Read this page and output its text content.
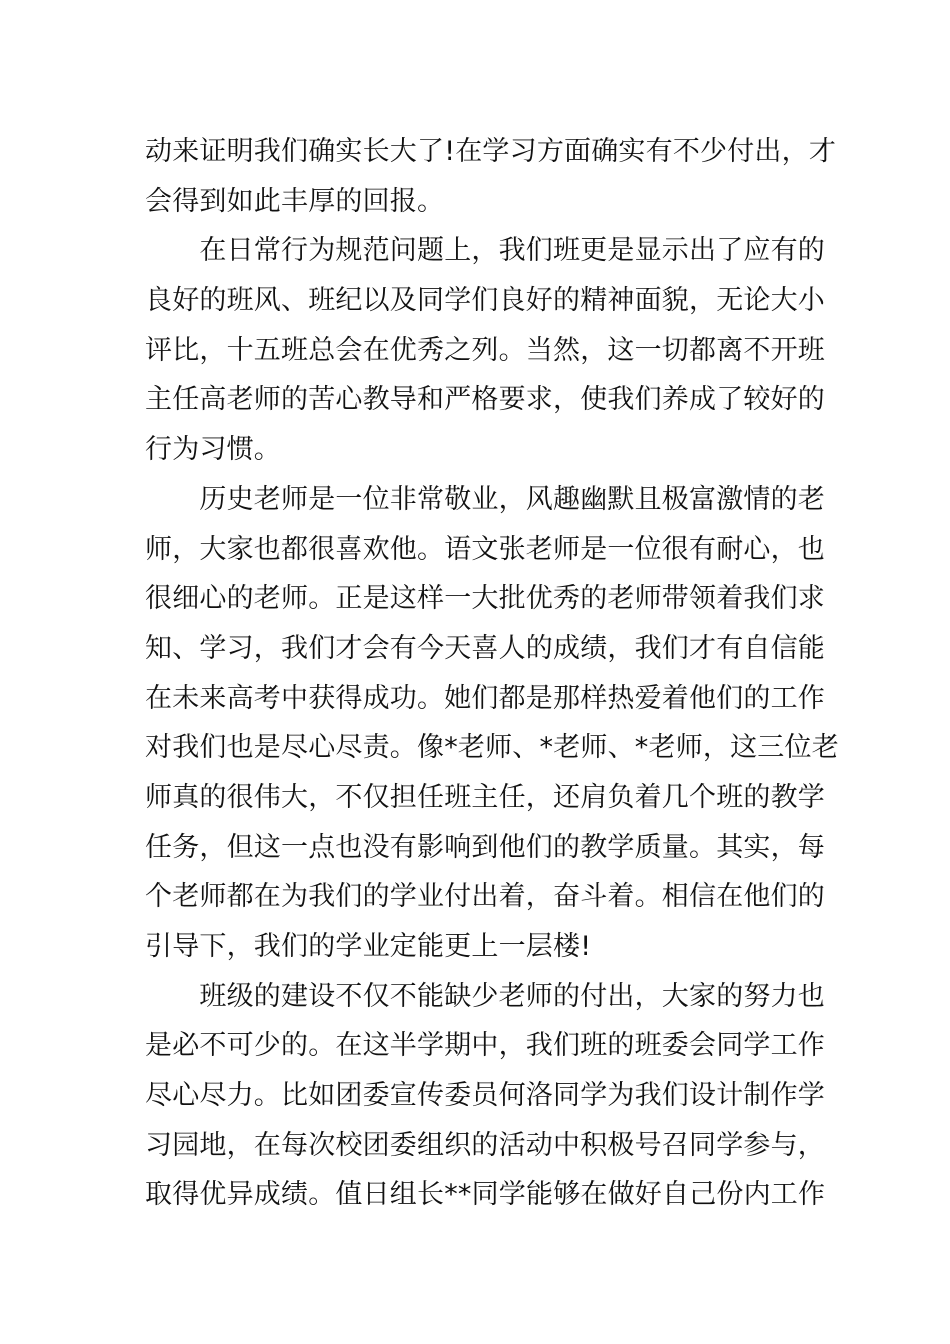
动来证明我们确实长大了!在学习方面确实有不少付出，才
会得到如此丰厚的回报。
　　在日常行为规范问题上，我们班更是显示出了应有的
良好的班风、班纪以及同学们良好的精神面貌，无论大小
评比，十五班总会在优秀之列。当然，这一切都离不开班
主任高老师的苦心教导和严格要求，使我们养成了较好的
行为习惯。
　　历史老师是一位非常敬业，风趣幽默且极富激情的老
师，大家也都很喜欢他。语文张老师是一位很有耐心，也
很细心的老师。正是这样一大批优秀的老师带领着我们求
知、学习，我们才会有今天喜人的成绩，我们才有自信能
在未来高考中获得成功。她们都是那样热爱着他们的工作
对我们也是尽心尽责。像*老师、*老师、*老师，这三位老
师真的很伟大，不仅担任班主任，还肩负着几个班的教学
任务，但这一点也没有影响到他们的教学质量。其实，每
个老师都在为我们的学业付出着，奋斗着。相信在他们的
引导下，我们的学业定能更上一层楼!
　　班级的建设不仅不能缺少老师的付出，大家的努力也
是必不可少的。在这半学期中，我们班的班委会同学工作
尽心尽力。比如团委宣传委员何洛同学为我们设计制作学
习园地，在每次校团委组织的活动中积极号召同学参与，
取得优异成绩。值日组长**同学能够在做好自己份内工作
